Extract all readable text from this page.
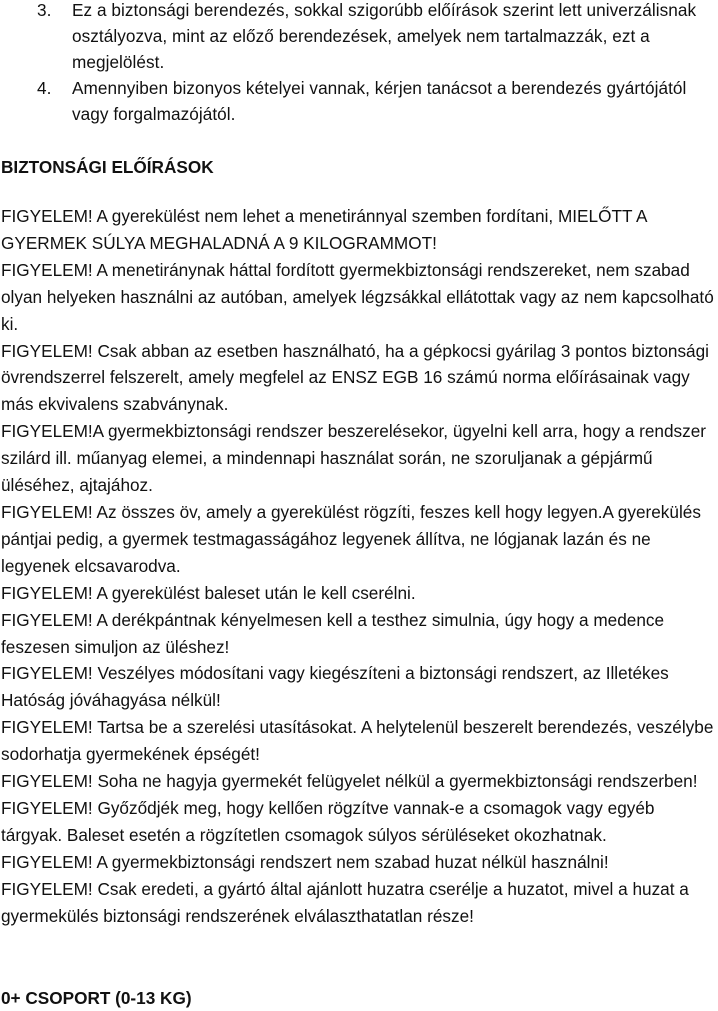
3.	Ez a biztonsági berendezés, sokkal szigorúbb előírások szerint lett univerzálisnak osztályozva, mint az előző berendezések, amelyek nem tartalmazzák, ezt a megjelölést.
4.	Amennyiben bizonyos kételyei vannak, kérjen tanácsot a berendezés gyártójától vagy forgalmazójától.
BIZTONSÁGI ELŐÍRÁSOK

FIGYELEM! A gyerekülést nem lehet a menetiránnyal szemben fordítani, MIELŐTT A GYERMEK SÚLYA MEGHALADNÁ A 9 KILOGRAMMOT!

FIGYELEM! A menetiránynak háttal fordított gyermekbiztonsági rendszereket, nem szabad olyan helyeken használni az autóban, amelyek légzsákkal ellátottak vagy az nem kapcsolható ki.

FIGYELEM! Csak abban az esetben használható, ha a gépkocsi gyárilag 3 pontos biztonsági övrendszerrel felszerelt, amely megfelel az ENSZ EGB 16 számú norma előírásainak vagy más ekvivalens szabványnak.

FIGYELEM!A gyermekbiztonsági rendszer beszerelésekor, ügyelni kell arra, hogy a rendszer szilárd ill. műanyag elemei, a mindennapi használat során, ne szoruljanak a gépjármű üléséhez, ajtajához.

FIGYELEM! Az összes öv, amely a gyerekülést rögzíti, feszes kell hogy legyen.A gyerekülés pántjai pedig, a gyermek testmagasságához legyenek állítva, ne lógjanak lazán és ne legyenek elcsavarodva.

FIGYELEM! A gyerekülést baleset után le kell cserélni.

FIGYELEM! A derékpántnak kényelmesen kell a testhez simulnia, úgy hogy a medence feszesen simuljon az üléshez!

FIGYELEM! Veszélyes módosítani vagy kiegészíteni a biztonsági rendszert, az Illetékes Hatóság jóváhagyása nélkül!

FIGYELEM! Tartsa be a szerelési utasításokat. A helytelenül beszerelt berendezés, veszélybe sodorhatja gyermekének épségét!

FIGYELEM! Soha ne hagyja gyermekét felügyelet nélkül a gyermekbiztonsági rendszerben!

FIGYELEM! Győződjék meg, hogy kellően rögzítve vannak-e a csomagok vagy egyéb tárgyak. Baleset esetén a rögzítetlen csomagok súlyos sérüléseket okozhatnak.

FIGYELEM! A gyermekbiztonsági rendszert nem szabad huzat nélkül használni!

FIGYELEM! Csak eredeti, a gyártó által ajánlott huzatra cserélje a huzatot, mivel a huzat a gyermekülés biztonsági rendszerének elválaszthatatlan része!

0+ CSOPORT (0-13 KG)
